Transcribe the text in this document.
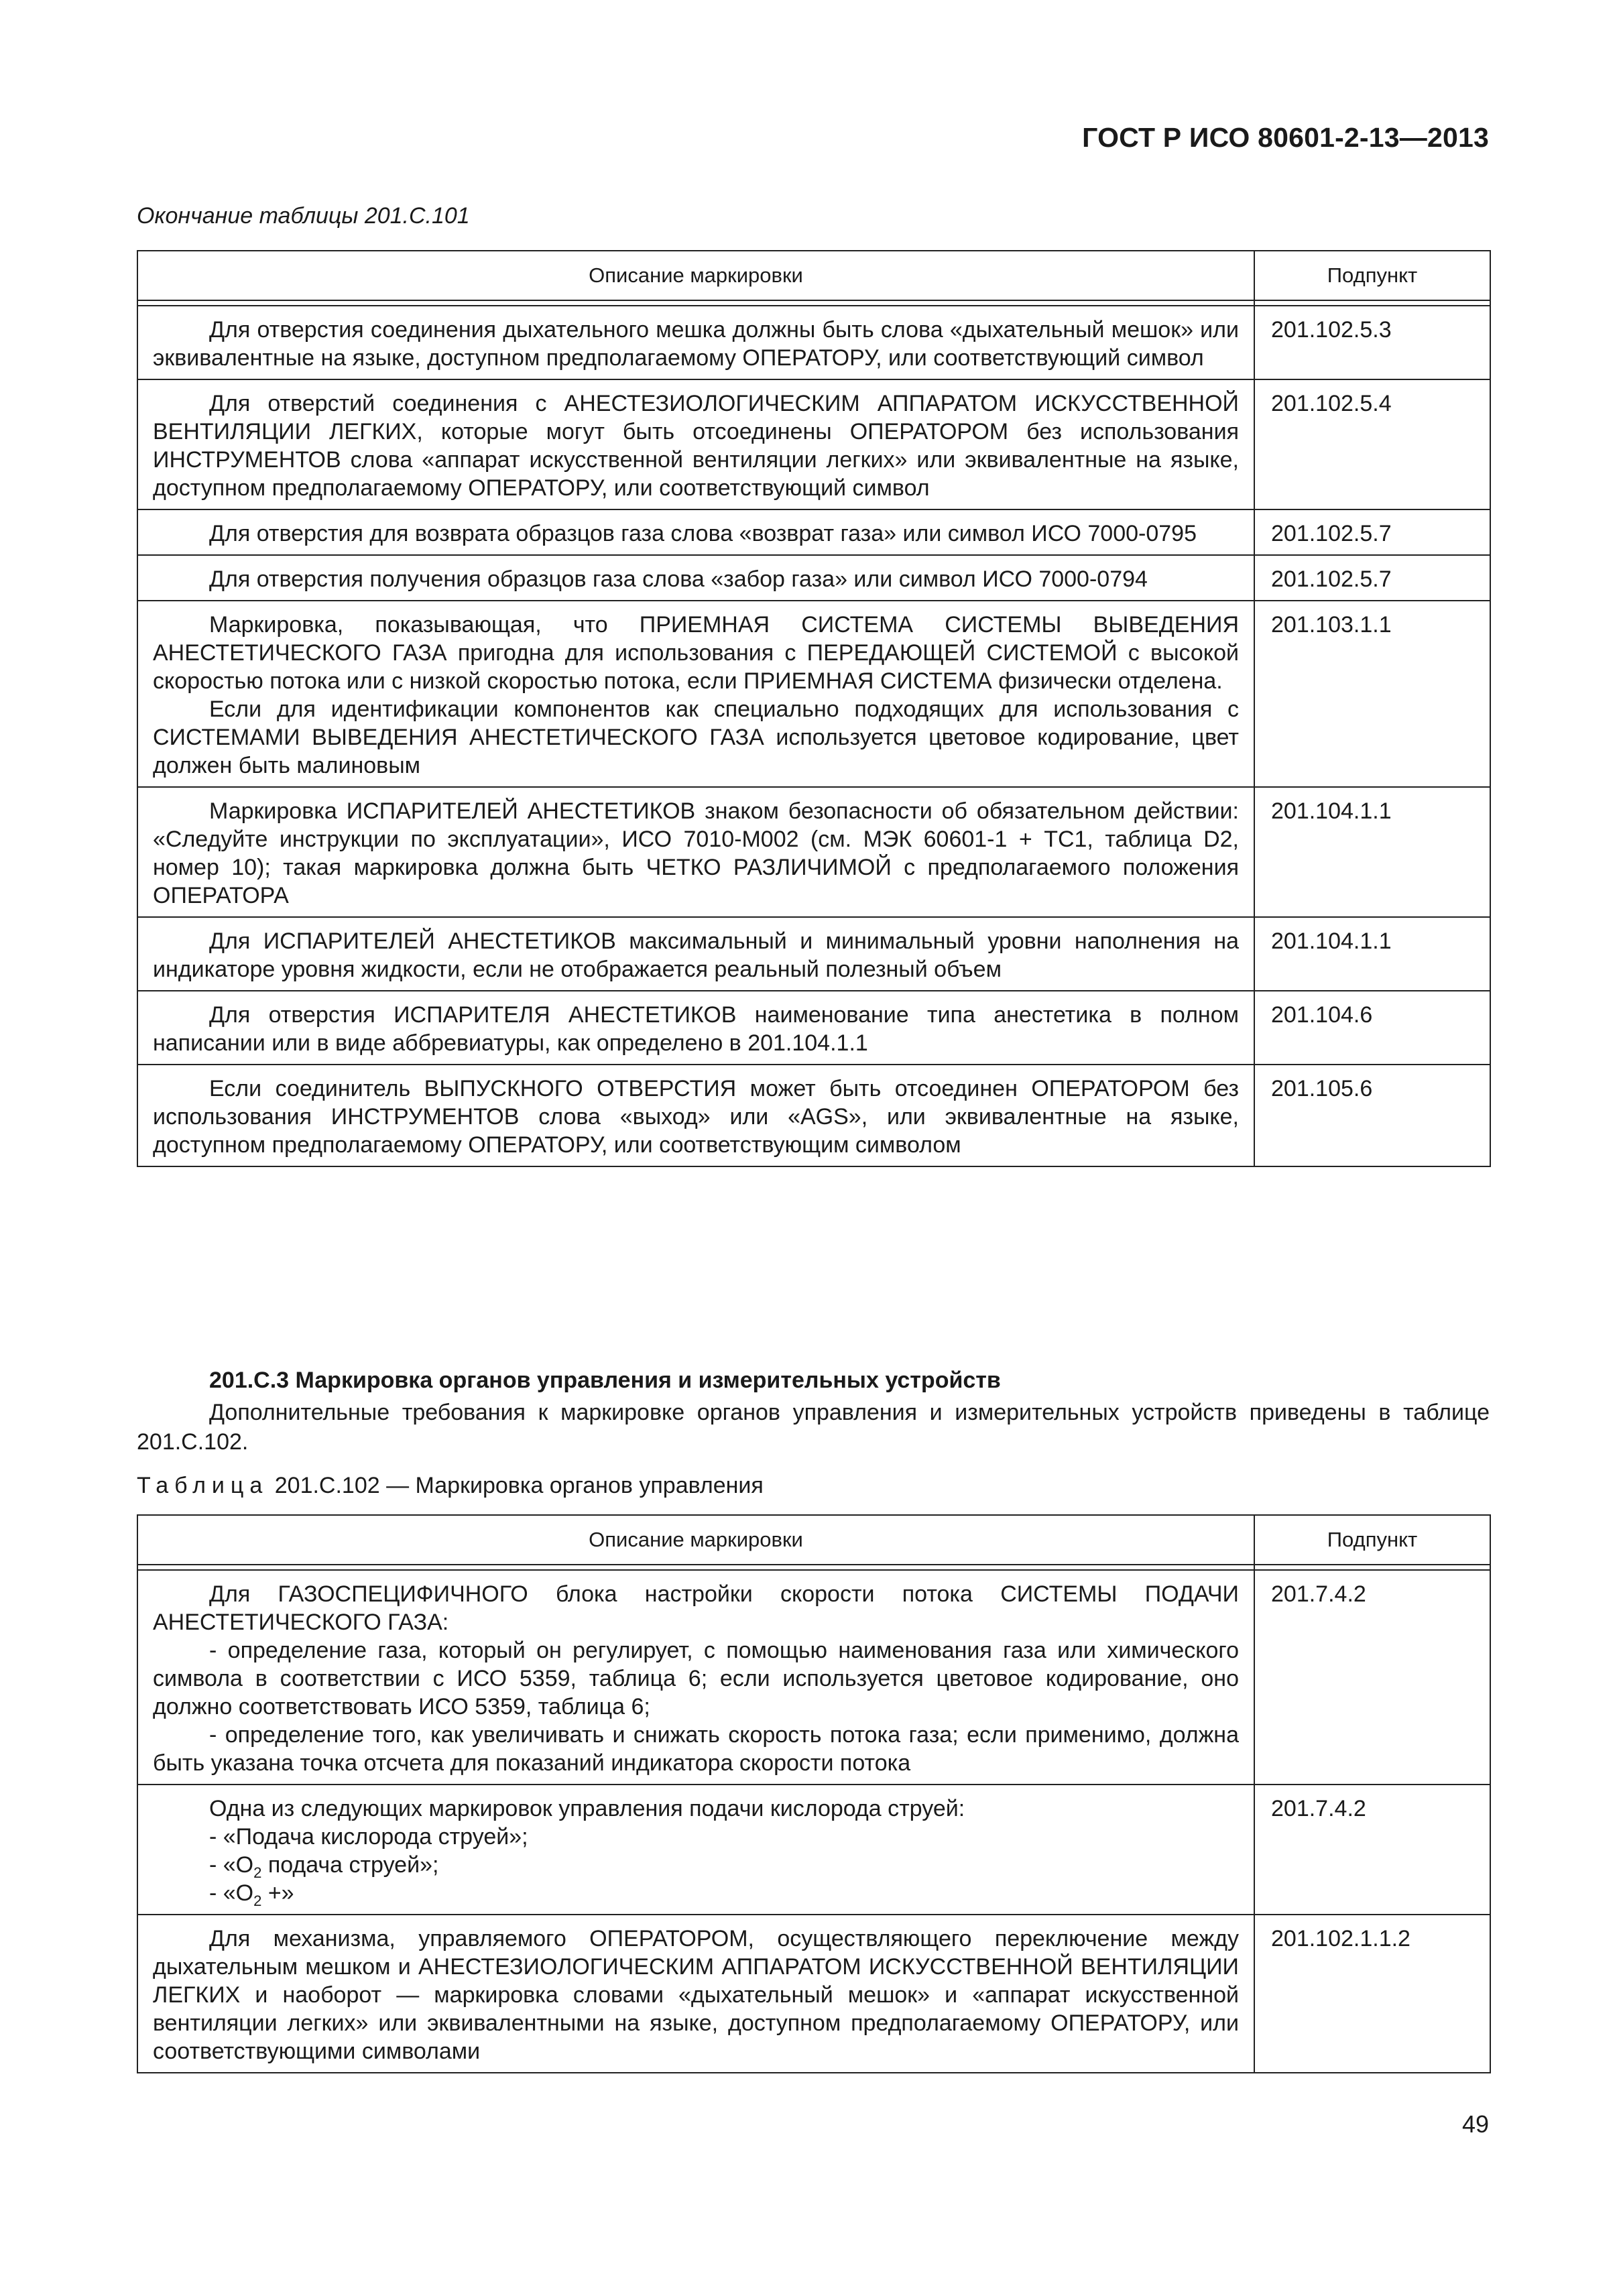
ГОСТ Р ИСО 80601-2-13—2013
Окончание таблицы 201.С.101
Описание маркировки	Подпункт

Для отверстия соединения дыхательного мешка должны быть слова «дыхательный мешок» или эквивалентные на языке, доступном предполагаемому ОПЕРАТОРУ, или соответствующий символ	201.102.5.3

Для отверстий соединения с АНЕСТЕЗИОЛОГИЧЕСКИМ АППАРАТОМ ИСКУССТВЕННОЙ ВЕНТИЛЯЦИИ ЛЕГКИХ, которые могут быть отсоединены ОПЕРАТОРОМ без использования ИНСТРУМЕНТОВ слова «аппарат искусственной вентиляции легких» или эквивалентные на языке, доступном предполагаемому ОПЕРАТОРУ, или соответствующий символ	201.102.5.4

Для отверстия для возврата образцов газа слова «возврат газа» или символ ИСО 7000-0795	201.102.5.7

Для отверстия получения образцов газа слова «забор газа» или символ ИСО 7000-0794	201.102.5.7

Маркировка, показывающая, что ПРИЕМНАЯ СИСТЕМА СИСТЕМЫ ВЫВЕДЕНИЯ АНЕСТЕТИЧЕСКОГО ГАЗА пригодна для использования с ПЕРЕДАЮЩЕЙ СИСТЕМОЙ с высокой скоростью потока или с низкой скоростью потока, если ПРИЕМНАЯ СИСТЕМА физически отделена.
Если для идентификации компонентов как специально подходящих для использования с СИСТЕМАМИ ВЫВЕДЕНИЯ АНЕСТЕТИЧЕСКОГО ГАЗА используется цветовое кодирование, цвет должен быть малиновым	201.103.1.1

Маркировка ИСПАРИТЕЛЕЙ АНЕСТЕТИКОВ знаком безопасности об обязательном действии: «Следуйте инструкции по эксплуатации», ИСО 7010-М002 (см. МЭК 60601-1 + ТС1, таблица D2, номер 10); такая маркировка должна быть ЧЕТКО РАЗЛИЧИМОЙ с предполагаемого положения ОПЕРАТОРА	201.104.1.1

Для ИСПАРИТЕЛЕЙ АНЕСТЕТИКОВ максимальный и минимальный уровни наполнения на индикаторе уровня жидкости, если не отображается реальный полезный объем	201.104.1.1

Для отверстия ИСПАРИТЕЛЯ АНЕСТЕТИКОВ наименование типа анестетика в полном написании или в виде аббревиатуры, как определено в 201.104.1.1	201.104.6

Если соединитель ВЫПУСКНОГО ОТВЕРСТИЯ может быть отсоединен ОПЕРАТОРОМ без использования ИНСТРУМЕНТОВ слова «выход» или «AGS», или эквивалентные на языке, доступном предполагаемому ОПЕРАТОРУ, или соответствующим символом	201.105.6
201.С.3 Маркировка органов управления и измерительных устройств
Дополнительные требования к маркировке органов управления и измерительных устройств приведены в таблице 201.С.102.
Таблица 201.С.102 — Маркировка органов управления
Описание маркировки	Подпункт

Для ГАЗОСПЕЦИФИЧНОГО блока настройки скорости потока СИСТЕМЫ ПОДАЧИ АНЕСТЕТИЧЕСКОГО ГАЗА:
- определение газа, который он регулирует, с помощью наименования газа или химического символа в соответствии с ИСО 5359, таблица 6; если используется цветовое кодирование, оно должно соответствовать ИСО 5359, таблица 6;
- определение того, как увеличивать и снижать скорость потока газа; если применимо, должна быть указана точка отсчета для показаний индикатора скорости потока	201.7.4.2

Одна из следующих маркировок управления подачи кислорода струей:
- «Подача кислорода струей»;
- «$О_2$ подача струей»;
- «$О_2$ +»	201.7.4.2

Для механизма, управляемого ОПЕРАТОРОМ, осуществляющего переключение между дыхательным мешком и АНЕСТЕЗИОЛОГИЧЕСКИМ АППАРАТОМ ИСКУССТВЕННОЙ ВЕНТИЛЯЦИИ ЛЕГКИХ и наоборот — маркировка словами «дыхательный мешок» и «аппарат искусственной вентиляции легких» или эквивалентными на языке, доступном предполагаемому ОПЕРАТОРУ, или соответствующими символами	201.102.1.1.2
49
